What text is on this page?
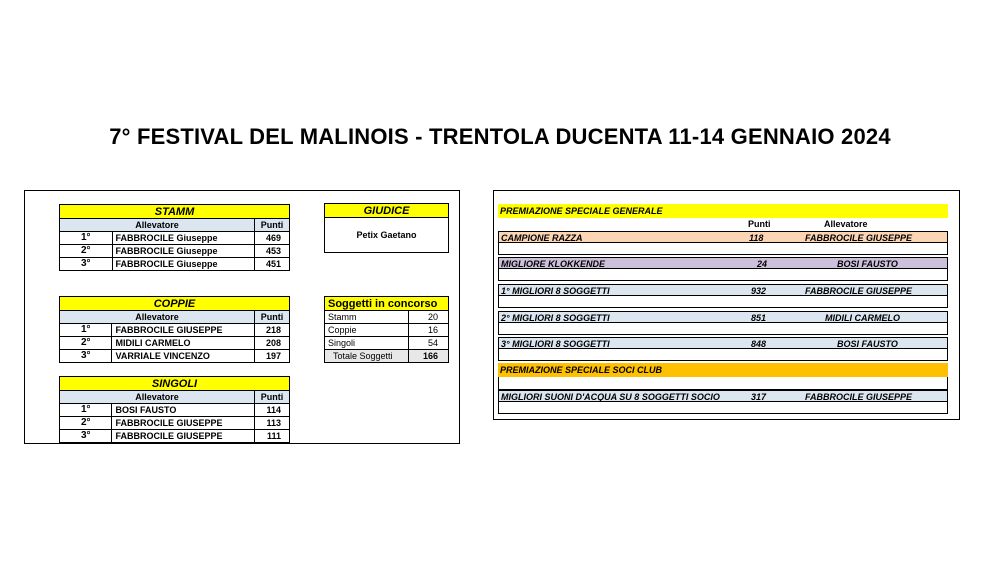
7° FESTIVAL DEL MALINOIS - TRENTOLA DUCENTA 11-14 GENNAIO 2024
STAMM		
Allevatore		Punti
1°	FABBROCILE Giuseppe	469
2°	FABBROCILE Giuseppe	453
3°	FABBROCILE Giuseppe	451
COPPIE		
Allevatore		Punti
1°	FABBROCILE GIUSEPPE	218
2°	MIDILI CARMELO	208
3°	VARRIALE VINCENZO	197
SINGOLI		
Allevatore		Punti
1°	BOSI FAUSTO	114
2°	FABBROCILE GIUSEPPE	113
3°	FABBROCILE GIUSEPPE	111
GIUDICE
Petix Gaetano
Soggetti in concorso	
Stamm	20
Coppie	16
Singoli	54
Totale Soggetti	166
PREMIAZIONE SPECIALE GENERALE
Punti	Allevatore
CAMPIONE RAZZA	118	FABBROCILE GIUSEPPE
MIGLIORE KLOKKENDE	24	BOSI FAUSTO
1° MIGLIORI 8 SOGGETTI	932	FABBROCILE GIUSEPPE
2° MIGLIORI 8 SOGGETTI	851	MIDILI CARMELO
3° MIGLIORI 8 SOGGETTI	848	BOSI FAUSTO
PREMIAZIONE SPECIALE SOCI CLUB
MIGLIORI SUONI D'ACQUA SU 8 SOGGETTI SOCIO	317	FABBROCILE GIUSEPPE
